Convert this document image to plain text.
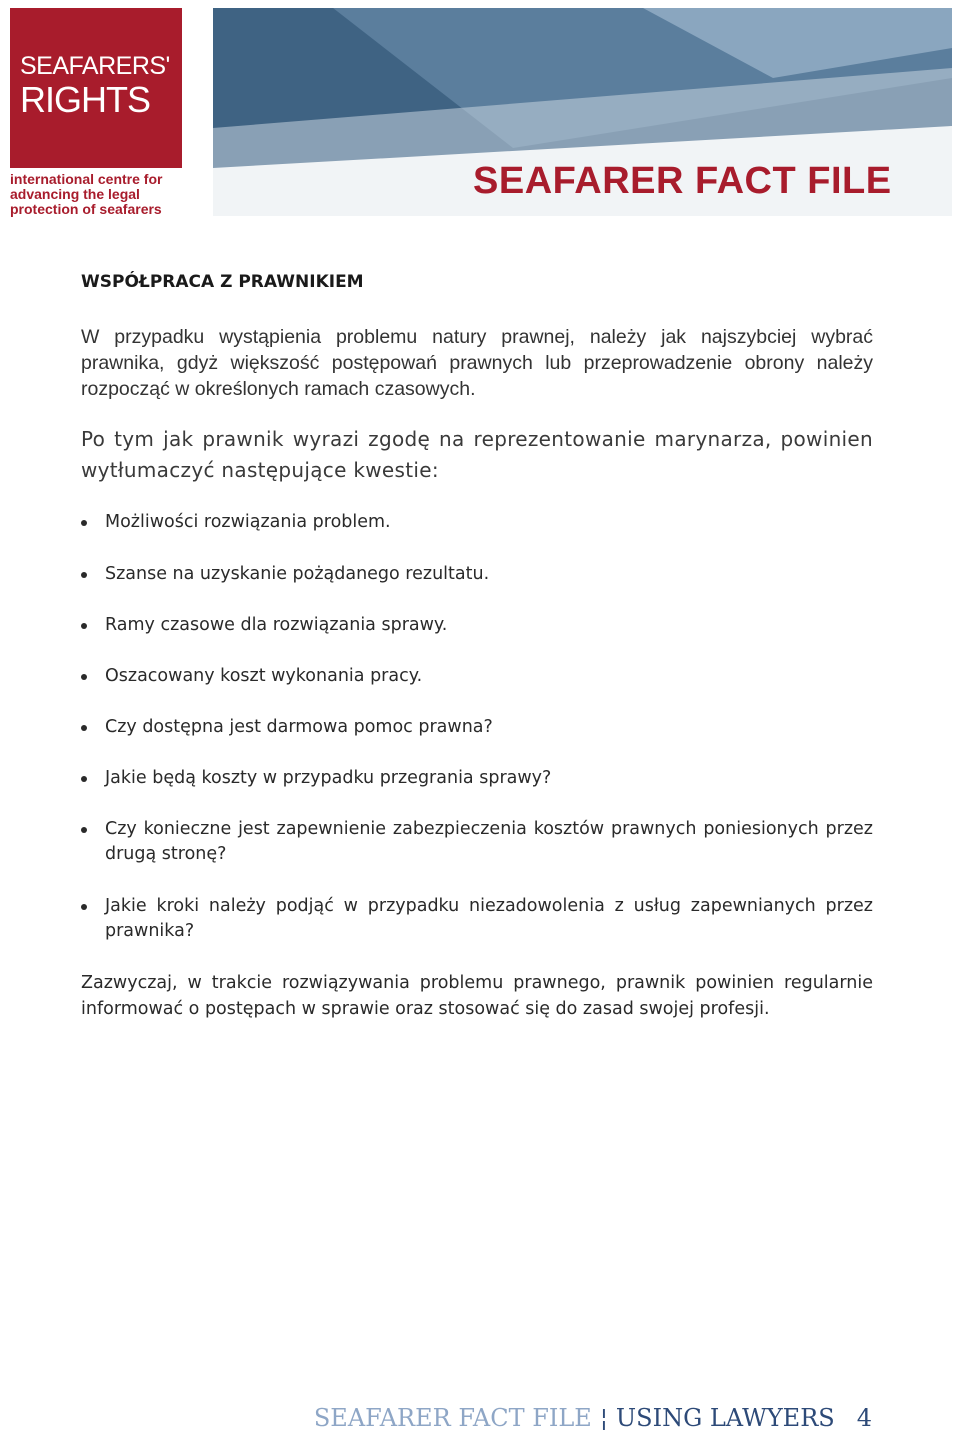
SEAFARERS'
RIGHTS
international centre for
advancing the legal
protection of seafarers
SEAFARER FACT FILE
WSPÓŁPRACA Z PRAWNIKIEM
W przypadku wystąpienia problemu natury prawnej, należy jak najszybciej wybrać prawnika, gdyż większość postępowań prawnych lub przeprowadzenie obrony należy rozpocząć w określonych ramach czasowych.
Po tym jak prawnik wyrazi zgodę na reprezentowanie marynarza, powinien wytłumaczyć następujące kwestie:
Możliwości rozwiązania problem.
Szanse na uzyskanie pożądanego rezultatu.
Ramy czasowe dla rozwiązania sprawy.
Oszacowany koszt wykonania pracy.
Czy dostępna jest darmowa pomoc prawna?
Jakie będą koszty w przypadku przegrania sprawy?
Czy konieczne jest zapewnienie zabezpieczenia kosztów prawnych poniesionych przez drugą stronę?
Jakie kroki należy podjąć w przypadku niezadowolenia z usług zapewnianych przez prawnika?
Zazwyczaj, w trakcie rozwiązywania problemu prawnego, prawnik powinien regularnie informować o postępach w sprawie oraz stosować się do zasad swojej profesji.
SEAFARER FACT FILE ¦ USING LAWYERS 4
